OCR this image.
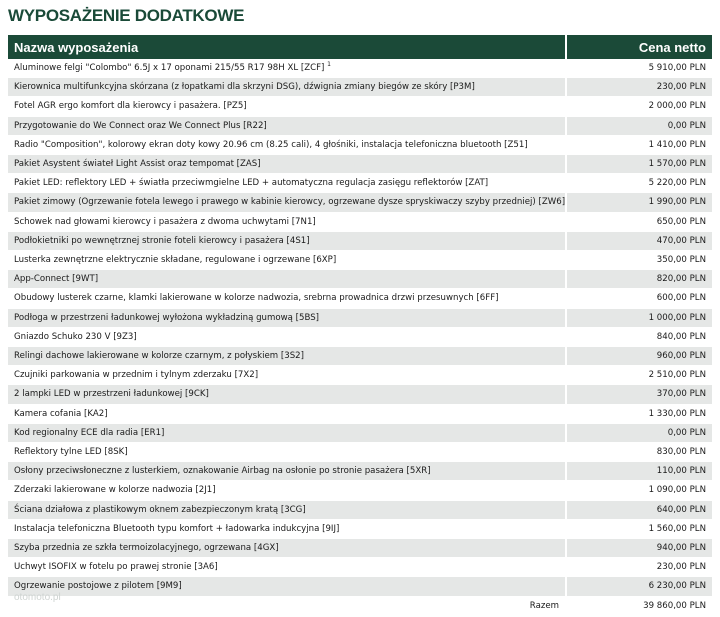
WYPOSAŻENIE DODATKOWE
Nazwa wyposażenia	Cena netto
Aluminowe felgi "Colombo" 6.5J x 17 oponami 215/55 R17 98H XL [ZCF] $^1$	5 910,00 PLN
Kierownica multifunkcyjna skórzana (z łopatkami dla skrzyni DSG), dźwignia zmiany biegów ze skóry [P3M]	230,00 PLN
Fotel AGR ergo komfort dla kierowcy i pasażera. [PZ5]	2 000,00 PLN
Przygotowanie do We Connect oraz We Connect Plus [R22]	0,00 PLN
Radio "Composition", kolorowy ekran doty kowy 20.96 cm (8.25 cali), 4 głośniki, instalacja telefoniczna bluetooth [Z51]	1 410,00 PLN
Pakiet Asystent świateł Light Assist oraz tempomat [ZAS]	1 570,00 PLN
Pakiet LED: reflektory LED + światła przeciwmgielne LED + automatyczna regulacja zasięgu reflektorów [ZAT]	5 220,00 PLN
Pakiet zimowy (Ogrzewanie fotela lewego i prawego w kabinie kierowcy, ogrzewane dysze spryskiwaczy szyby przedniej) [ZW6]	1 990,00 PLN
Schowek nad głowami kierowcy i pasażera z dwoma uchwytami [7N1]	650,00 PLN
Podłokietniki po wewnętrznej stronie foteli kierowcy i pasażera [4S1]	470,00 PLN
Lusterka zewnętrzne elektrycznie składane, regulowane i ogrzewane [6XP]	350,00 PLN
App-Connect [9WT]	820,00 PLN
Obudowy lusterek czarne, klamki lakierowane w kolorze nadwozia, srebrna prowadnica drzwi przesuwnych [6FF]	600,00 PLN
Podłoga w przestrzeni ładunkowej wyłożona wykładziną gumową [5BS]	1 000,00 PLN
Gniazdo Schuko 230 V [9Z3]	840,00 PLN
Relingi dachowe lakierowane w kolorze czarnym, z połyskiem [3S2]	960,00 PLN
Czujniki parkowania w przednim i tylnym zderzaku [7X2]	2 510,00 PLN
2 lampki LED w przestrzeni ładunkowej [9CK]	370,00 PLN
Kamera cofania [KA2]	1 330,00 PLN
Kod regionalny ECE dla radia [ER1]	0,00 PLN
Reflektory tylne LED [8SK]	830,00 PLN
Osłony przeciwsłoneczne z lusterkiem, oznakowanie Airbag na osłonie po stronie pasażera [5XR]	110,00 PLN
Zderzaki lakierowane w kolorze nadwozia [2J1]	1 090,00 PLN
Ściana działowa z plastikowym oknem zabezpieczonym kratą [3CG]	640,00 PLN
Instalacja telefoniczna Bluetooth typu komfort + ładowarka indukcyjna [9IJ]	1 560,00 PLN
Szyba przednia ze szkła termoizolacyjnego, ogrzewana [4GX]	940,00 PLN
Uchwyt ISOFIX w fotelu po prawej stronie [3A6]	230,00 PLN
Ogrzewanie postojowe z pilotem [9M9]	6 230,00 PLN
Razem	39 860,00 PLN
otomoto.pl
